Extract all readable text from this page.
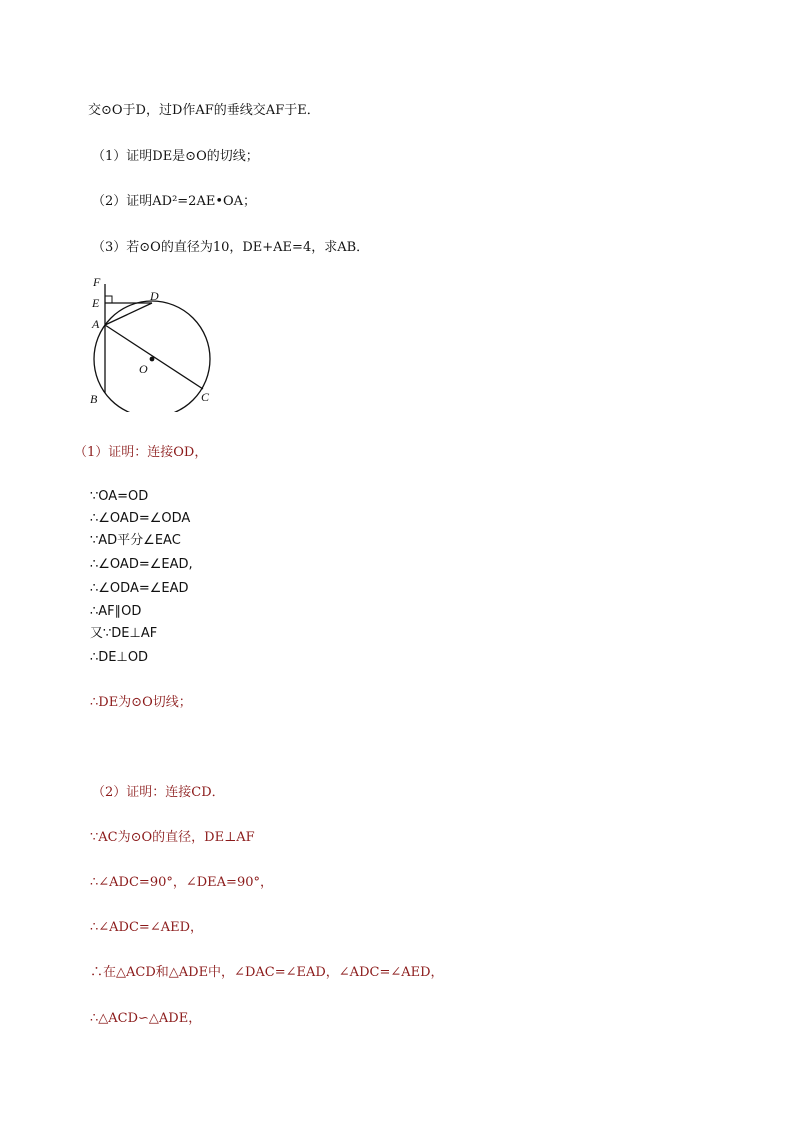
交⊙O于D，过D作AF的垂线交AF于E．
（1）证明DE是⊙O的切线；
（2）证明AD²=2AE•OA；
（3）若⊙O的直径为10，DE+AE=4，求AB．
F
E	D
A
O
B	C
（1）证明：连接OD，
∵OA=OD
∴∠OAD=∠ODA
∵AD平分∠EAC
∴∠OAD=∠EAD,
∴∠ODA=∠EAD
∴AF∥OD
又∵DE⊥AF
∴DE⊥OD
∴DE为⊙O切线；
（2）证明：连接CD．
∵AC为⊙O的直径，DE⊥AF
∴∠ADC=90°，∠DEA=90°，
∴∠ADC=∠AED，
∴在△ACD和△ADE中，∠DAC=∠EAD，∠ADC=∠AED，
∴△ACD∽△ADE，
